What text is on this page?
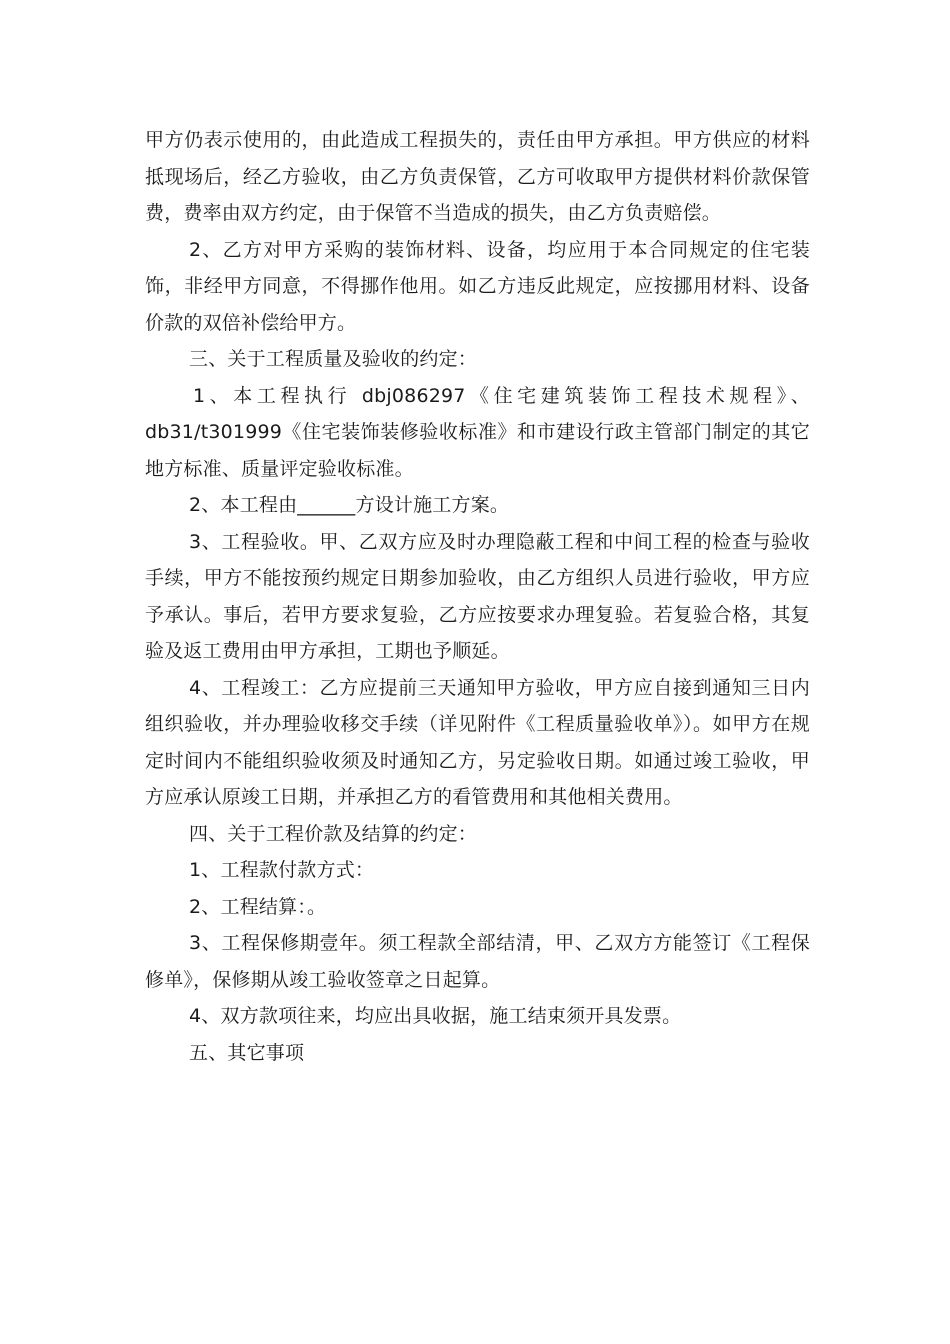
甲方仍表示使用的，由此造成工程损失的，责任由甲方承担。甲方供应的材料抵现场后，经乙方验收，由乙方负责保管，乙方可收取甲方提供材料价款保管费，费率由双方约定，由于保管不当造成的损失，由乙方负责赔偿。

2、乙方对甲方采购的装饰材料、设备，均应用于本合同规定的住宅装饰，非经甲方同意，不得挪作他用。如乙方违反此规定，应按挪用材料、设备价款的双倍补偿给甲方。

三、关于工程质量及验收的约定：

1、本工程执行 dbj086297《住宅建筑装饰工程技术规程》、db31/t301999《住宅装饰装修验收标准》和市建设行政主管部门制定的其它地方标准、质量评定验收标准。

2、本工程由______方设计施工方案。

3、工程验收。甲、乙双方应及时办理隐蔽工程和中间工程的检查与验收手续，甲方不能按预约规定日期参加验收，由乙方组织人员进行验收，甲方应予承认。事后，若甲方要求复验，乙方应按要求办理复验。若复验合格，其复验及返工费用由甲方承担，工期也予顺延。

4、工程竣工：乙方应提前三天通知甲方验收，甲方应自接到通知三日内组织验收，并办理验收移交手续（详见附件《工程质量验收单》）。如甲方在规定时间内不能组织验收须及时通知乙方，另定验收日期。如通过竣工验收，甲方应承认原竣工日期，并承担乙方的看管费用和其他相关费用。

四、关于工程价款及结算的约定：

1、工程款付款方式：

2、工程结算：。

3、工程保修期壹年。须工程款全部结清，甲、乙双方方能签订《工程保修单》，保修期从竣工验收签章之日起算。

4、双方款项往来，均应出具收据，施工结束须开具发票。

五、其它事项
